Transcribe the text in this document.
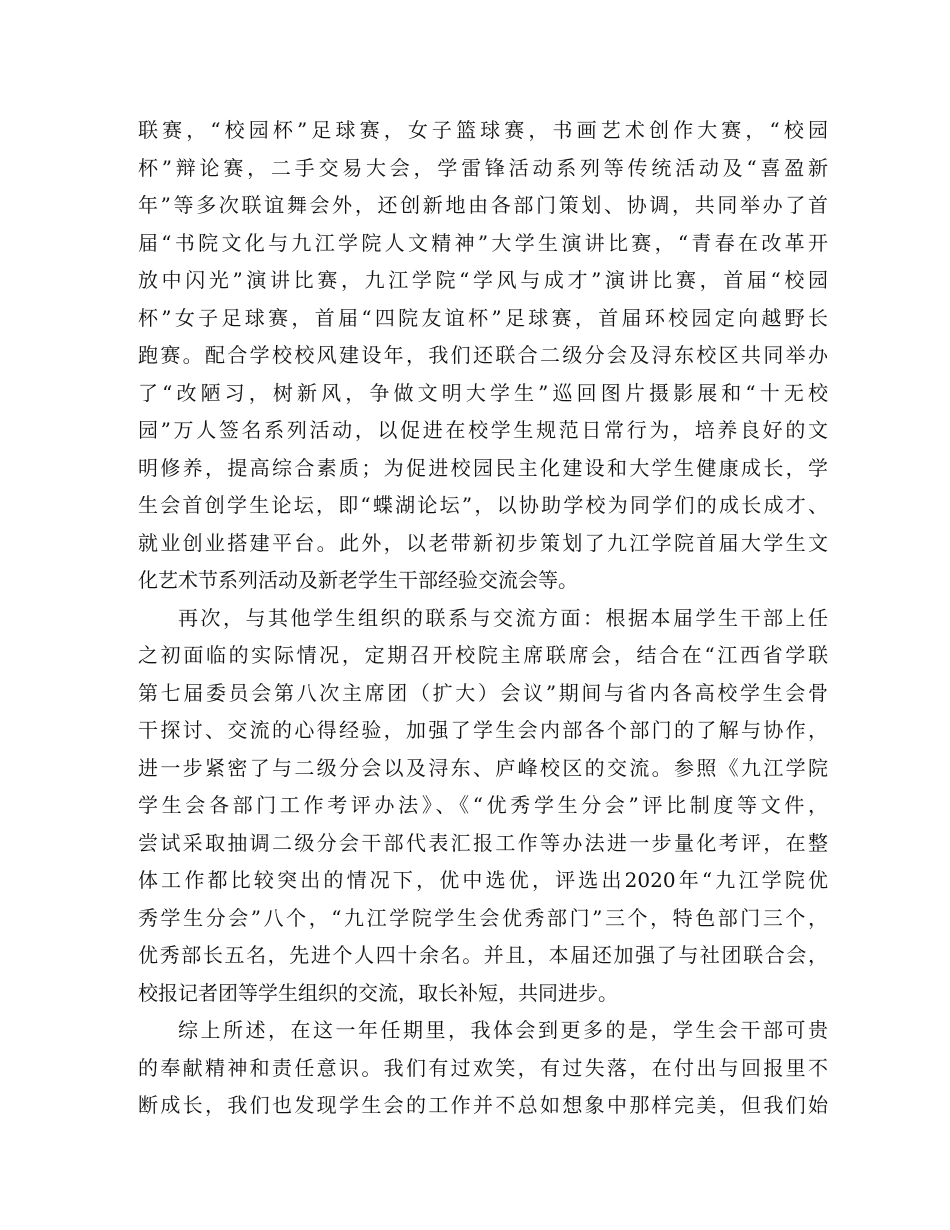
联赛，“校园杯”足球赛，女子篮球赛，书画艺术创作大赛，“校园
杯”辩论赛，二手交易大会，学雷锋活动系列等传统活动及“喜盈新
年”等多次联谊舞会外，还创新地由各部门策划、协调，共同举办了首
届“书院文化与九江学院人文精神”大学生演讲比赛，“青春在改革开
放中闪光”演讲比赛，九江学院“学风与成才”演讲比赛，首届“校园
杯”女子足球赛，首届“四院友谊杯”足球赛，首届环校园定向越野长
跑赛。配合学校校风建设年，我们还联合二级分会及浔东校区共同举办
了“改陋习，树新风，争做文明大学生”巡回图片摄影展和“十无校
园”万人签名系列活动，以促进在校学生规范日常行为，培养良好的文
明修养，提高综合素质；为促进校园民主化建设和大学生健康成长，学
生会首创学生论坛，即“蝶湖论坛”，以协助学校为同学们的成长成才、
就业创业搭建平台。此外，以老带新初步策划了九江学院首届大学生文
化艺术节系列活动及新老学生干部经验交流会等。
再次，与其他学生组织的联系与交流方面：根据本届学生干部上任
之初面临的实际情况，定期召开校院主席联席会，结合在“江西省学联
第七届委员会第八次主席团（扩大）会议”期间与省内各高校学生会骨
干探讨、交流的心得经验，加强了学生会内部各个部门的了解与协作，
进一步紧密了与二级分会以及浔东、庐峰校区的交流。参照《九江学院
学生会各部门工作考评办法》、《“优秀学生分会”评比制度等文件，
尝试采取抽调二级分会干部代表汇报工作等办法进一步量化考评，在整
体工作都比较突出的情况下，优中选优，评选出2020年“九江学院优
秀学生分会”八个，“九江学院学生会优秀部门”三个，特色部门三个，
优秀部长五名，先进个人四十余名。并且，本届还加强了与社团联合会，
校报记者团等学生组织的交流，取长补短，共同进步。
综上所述，在这一年任期里，我体会到更多的是，学生会干部可贵
的奉献精神和责任意识。我们有过欢笑，有过失落，在付出与回报里不
断成长，我们也发现学生会的工作并不总如想象中那样完美，但我们始
